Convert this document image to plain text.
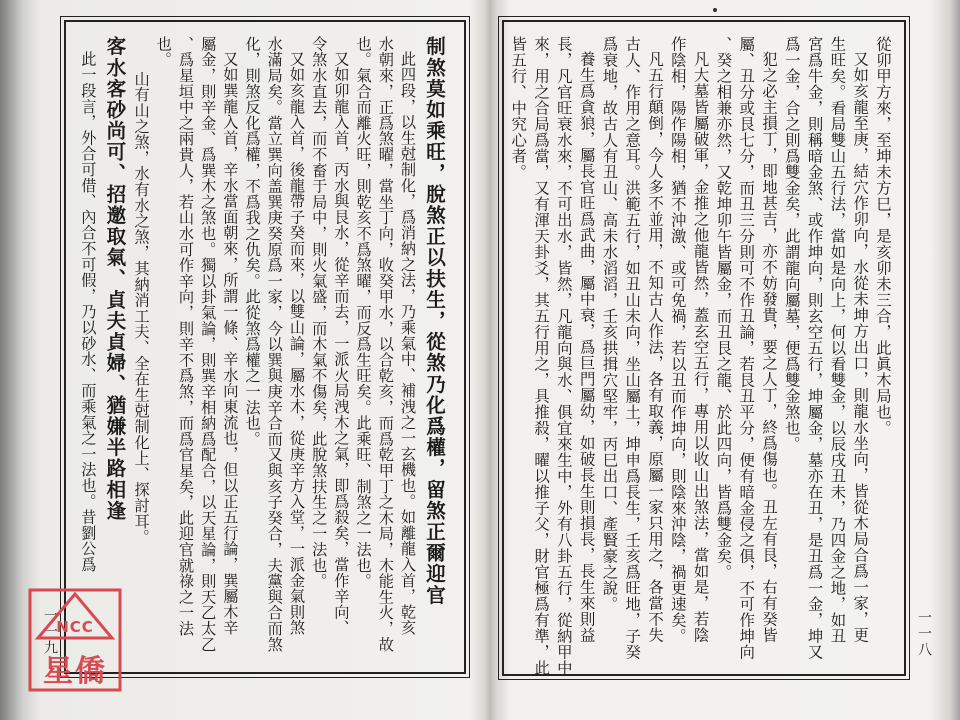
制煞莫如乘旺，脫煞正以扶生，從煞乃化爲權，留煞正爾迎官
此四段，以生尅制化，爲消納之法，乃乘氣中、補洩之一玄機也。如離龍入首，乾亥
水朝來，正爲煞曜，當坐丁向，收癸甲水，以合乾亥，而爲乾甲丁之木局，木能生火，故
也。氣合而離火旺，則乾亥不爲煞曜，而反爲生旺矣。此乘旺、制煞之一法也。
又如卯龍入首，丙水與艮水，從辛而去，一派火局洩木之氣，即爲殺矣，當作辛向、
令煞水直去，而不畜于局中，則火氣盛，而木氣不傷矣，此脫煞扶生之一法也。
又如亥龍入首，後龍帶子癸而來，以雙山論，屬水木，從庚辛方入堂，一派金氣則煞
水滿局矣。當立巽向盖巽庚癸原爲一家，今以巽與庚辛合而又與亥子癸合，夫黨與合而煞
化，則煞反化爲權，不爲我之仇矣。此從煞爲權之一法也。
又如巽龍入首，辛水當面朝來，所謂一條、辛水向東流也，但以正五行論，巽屬木辛
屬金，則辛金、爲巽木之煞也。獨以卦氣論，則巽辛相納爲配合，以天星論，則天乙太乙
、爲星垣中之兩貴人，若山水可作辛向，則辛不爲煞，而爲官星矣，此迎官就祿之一法
也。
山有山之煞，水有水之煞，其納消工夫、全在生尅制化上、探討耳。
客水客砂尚可、招邀取氣、貞夫貞婦、猶嫌半路相逢
此一段言，外合可借、內合不可假，乃以砂水、而乘氣之一法也。昔劉公爲
一一九
從卯甲方來，至坤未方巳，是亥卯未三合，此眞木局也。
又如亥龍至庚，結穴作卯向，水從未坤方出口，則龍水坐向，皆從木局合爲一家，更
生旺矣。看局雙山五行法，當如是向上，何以看雙金，以辰戌丑未，乃四金之地，如丑
宮爲牛金，則稱暗金煞、或作坤向，則玄空五行，坤屬金，墓亦在丑，是丑爲一金，坤又
爲一金，合之則爲雙金矣，此謂龍向屬墓，便爲雙金煞也。
犯之必主損丁，即地甚吉，亦不妨發貴，要之人丁，終爲傷也。丑左有艮，右有癸皆
屬、丑分或艮七分，而丑三分則可不作丑論，若艮丑平分，便有暗金侵之俱，不可作坤向
、癸之相兼亦然，又乾坤卯午皆屬金，而丑艮之龍、於此四向，皆爲雙金矣。
凡大墓皆屬破軍，金推之他龍皆然，蓋玄空五行，專用以收山出煞法，當如是，若陰
作陰相，陽作陽相，猶不沖激、或可免禍，若以丑而作坤向，則陰來沖陰，禍更速矣。
凡五行顛倒，今人多不並用，不知古人作法，各有取義，原屬一家只用之，各當不失
古人、作用之意耳。洪範五行，如丑山未向，坐山屬土，坤申爲長生，壬亥爲旺地，子癸
爲衰地，故古人有丑山、高未水滔滔，壬亥拱揖穴堅牢，丙巳出口、產賢豪之說。
養生爲貪狼，屬長官旺爲武曲，屬中衰，爲巨門屬幼，如破長生則損長，長生來則益
長，凡官旺衰水來，不可出水，皆然，凡龍向與水、俱宜來生中，外有八卦五行，從納甲中
來，用之合局爲當，又有渾天卦爻，其五行用之，具推殺，曜以推子父，財官極爲有準，此
皆五行、中究心者。
一一八
NCC
星僑
